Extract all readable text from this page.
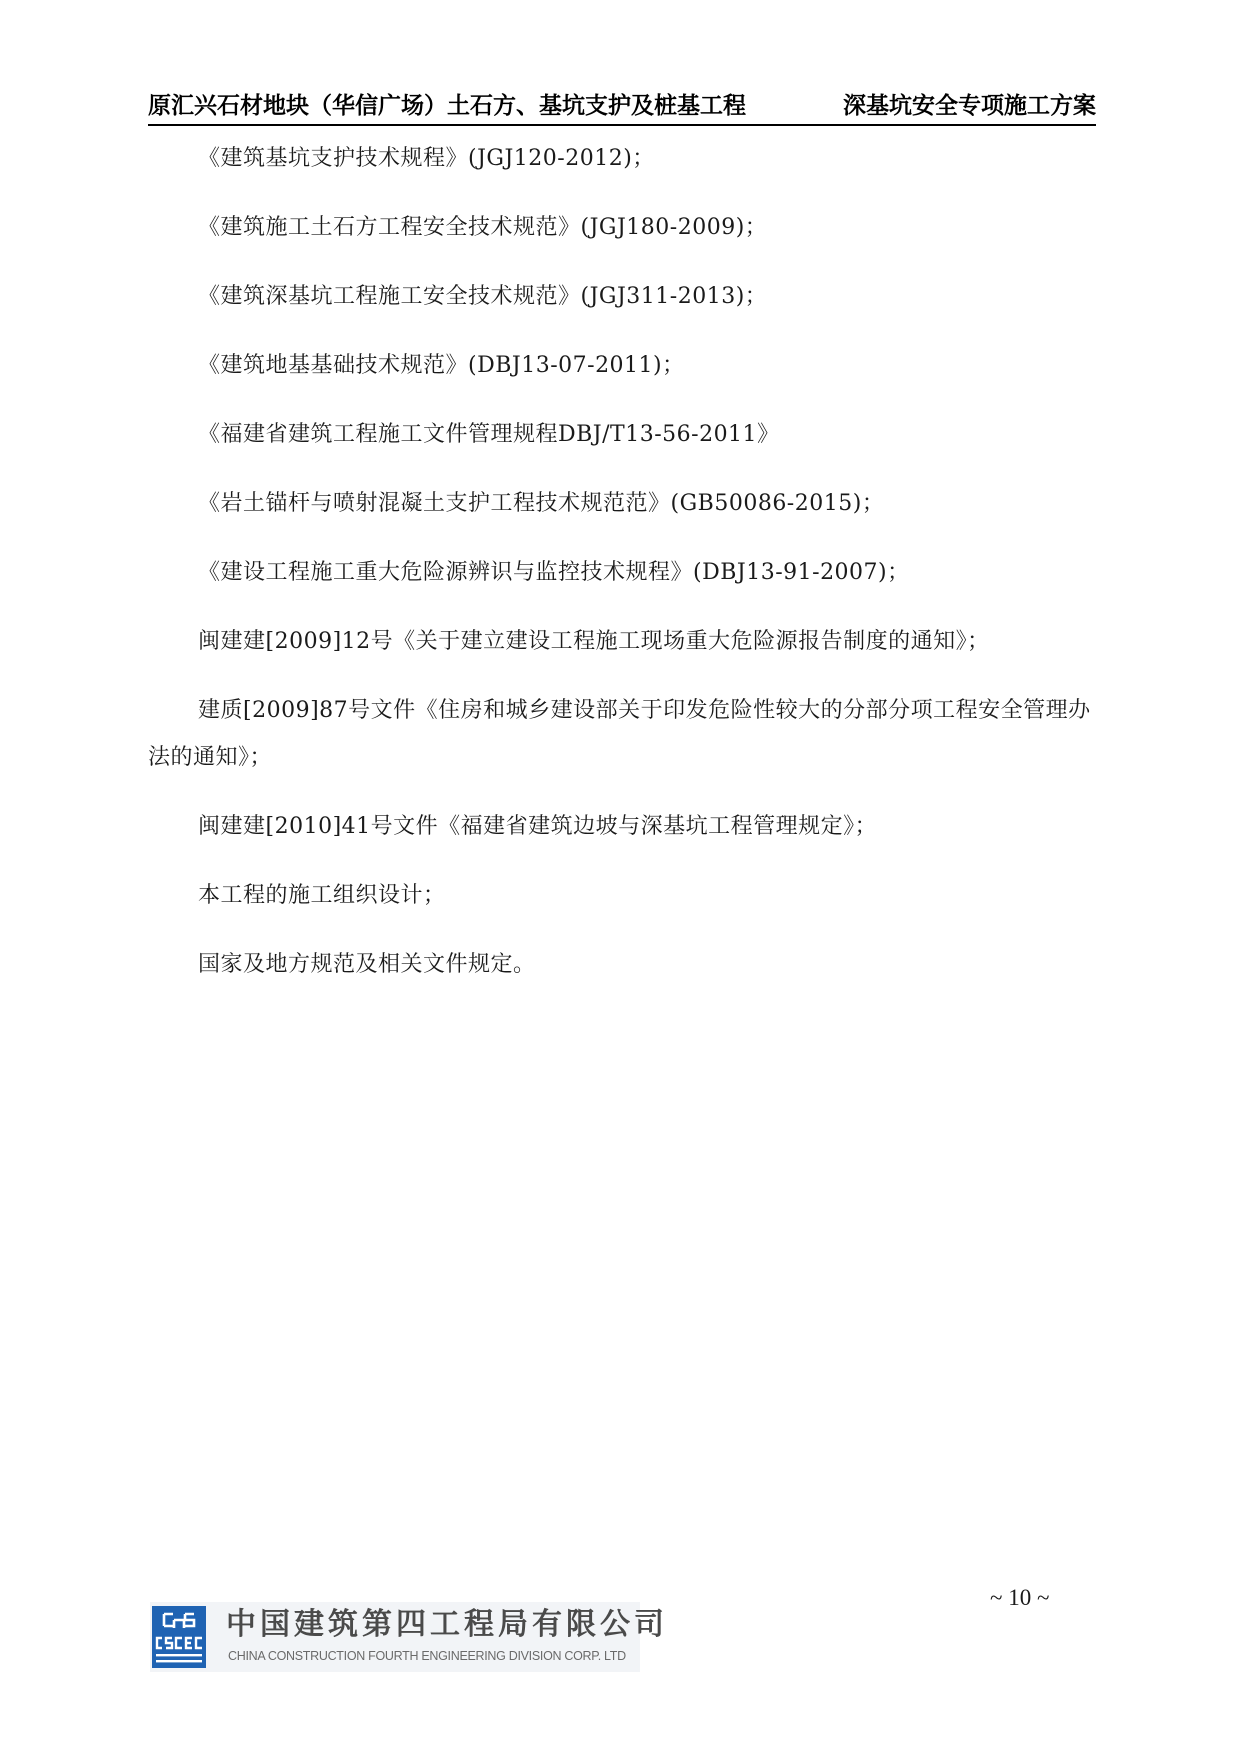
原汇兴石材地块（华信广场）土石方、基坑支护及桩基工程	深基坑安全专项施工方案

《建筑基坑支护技术规程》(JGJ120-2012)；

《建筑施工土石方工程安全技术规范》(JGJ180-2009)；

《建筑深基坑工程施工安全技术规范》(JGJ311-2013)；

《建筑地基基础技术规范》(DBJ13-07-2011)；

《福建省建筑工程施工文件管理规程DBJ/T13-56-2011》

《岩土锚杆与喷射混凝土支护工程技术规范范》(GB50086-2015)；

《建设工程施工重大危险源辨识与监控技术规程》(DBJ13-91-2007)；

闽建建[2009]12号《关于建立建设工程施工现场重大危险源报告制度的通知》；

建质[2009]87号文件《住房和城乡建设部关于印发危险性较大的分部分项工程安全管理办法的通知》；

闽建建[2010]41号文件《福建省建筑边坡与深基坑工程管理规定》；

本工程的施工组织设计；

国家及地方规范及相关文件规定。

中国建筑第四工程局有限公司
CHINA CONSTRUCTION FOURTH ENGINEERING DIVISION CORP. LTD
~ 10 ~
